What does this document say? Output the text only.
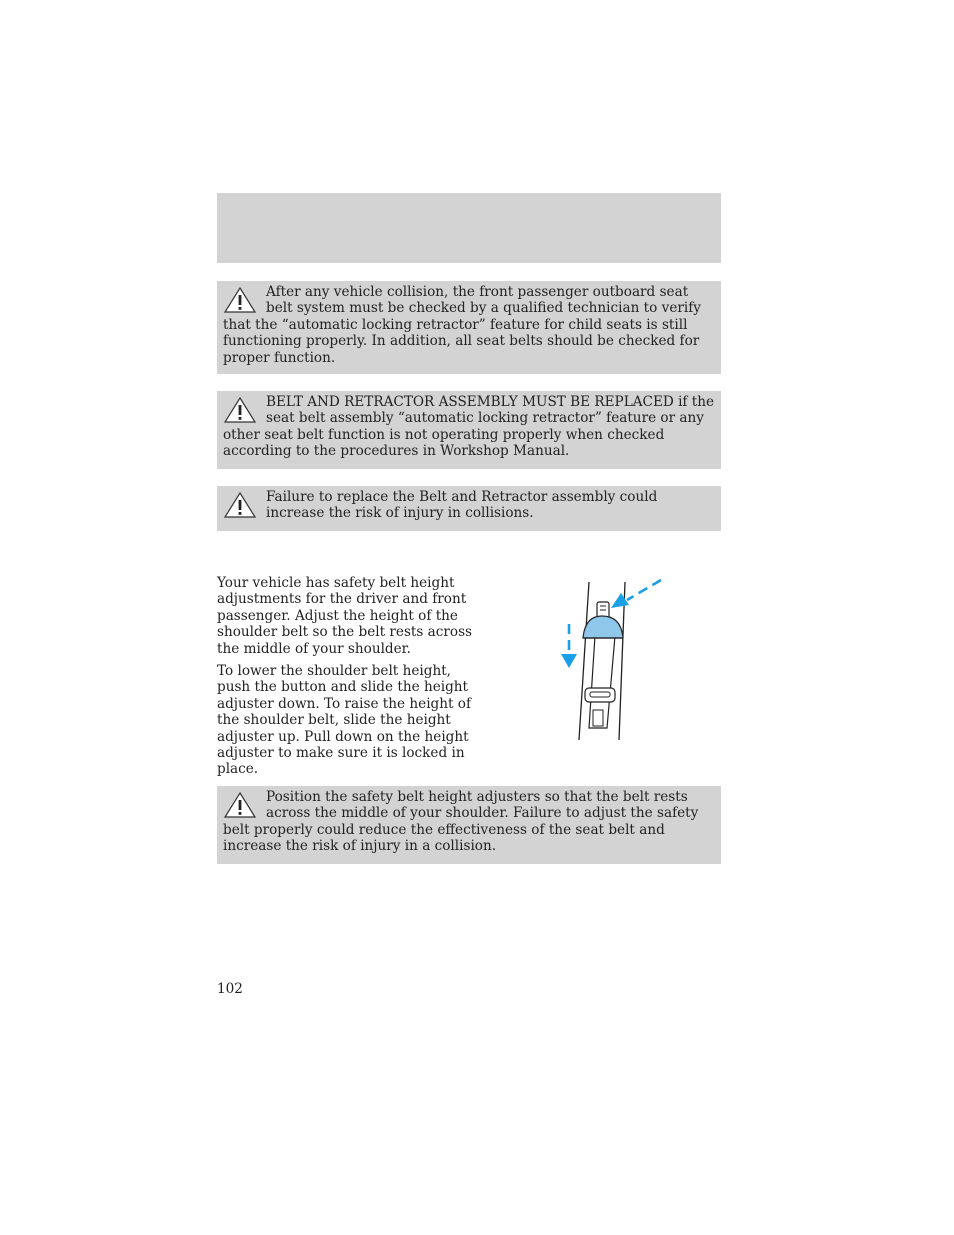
After any vehicle collision, the front passenger outboard seat belt system must be checked by a qualified technician to verify that the “automatic locking retractor” feature for child seats is still functioning properly. In addition, all seat belts should be checked for proper function.

BELT AND RETRACTOR ASSEMBLY MUST BE REPLACED if the seat belt assembly “automatic locking retractor” feature or any other seat belt function is not operating properly when checked according to the procedures in Workshop Manual.

Failure to replace the Belt and Retractor assembly could increase the risk of injury in collisions.

Your vehicle has safety belt height adjustments for the driver and front passenger. Adjust the height of the shoulder belt so the belt rests across the middle of your shoulder.

To lower the shoulder belt height, push the button and slide the height adjuster down. To raise the height of the shoulder belt, slide the height adjuster up. Pull down on the height adjuster to make sure it is locked in place.

Position the safety belt height adjusters so that the belt rests across the middle of your shoulder. Failure to adjust the safety belt properly could reduce the effectiveness of the seat belt and increase the risk of injury in a collision.

102
